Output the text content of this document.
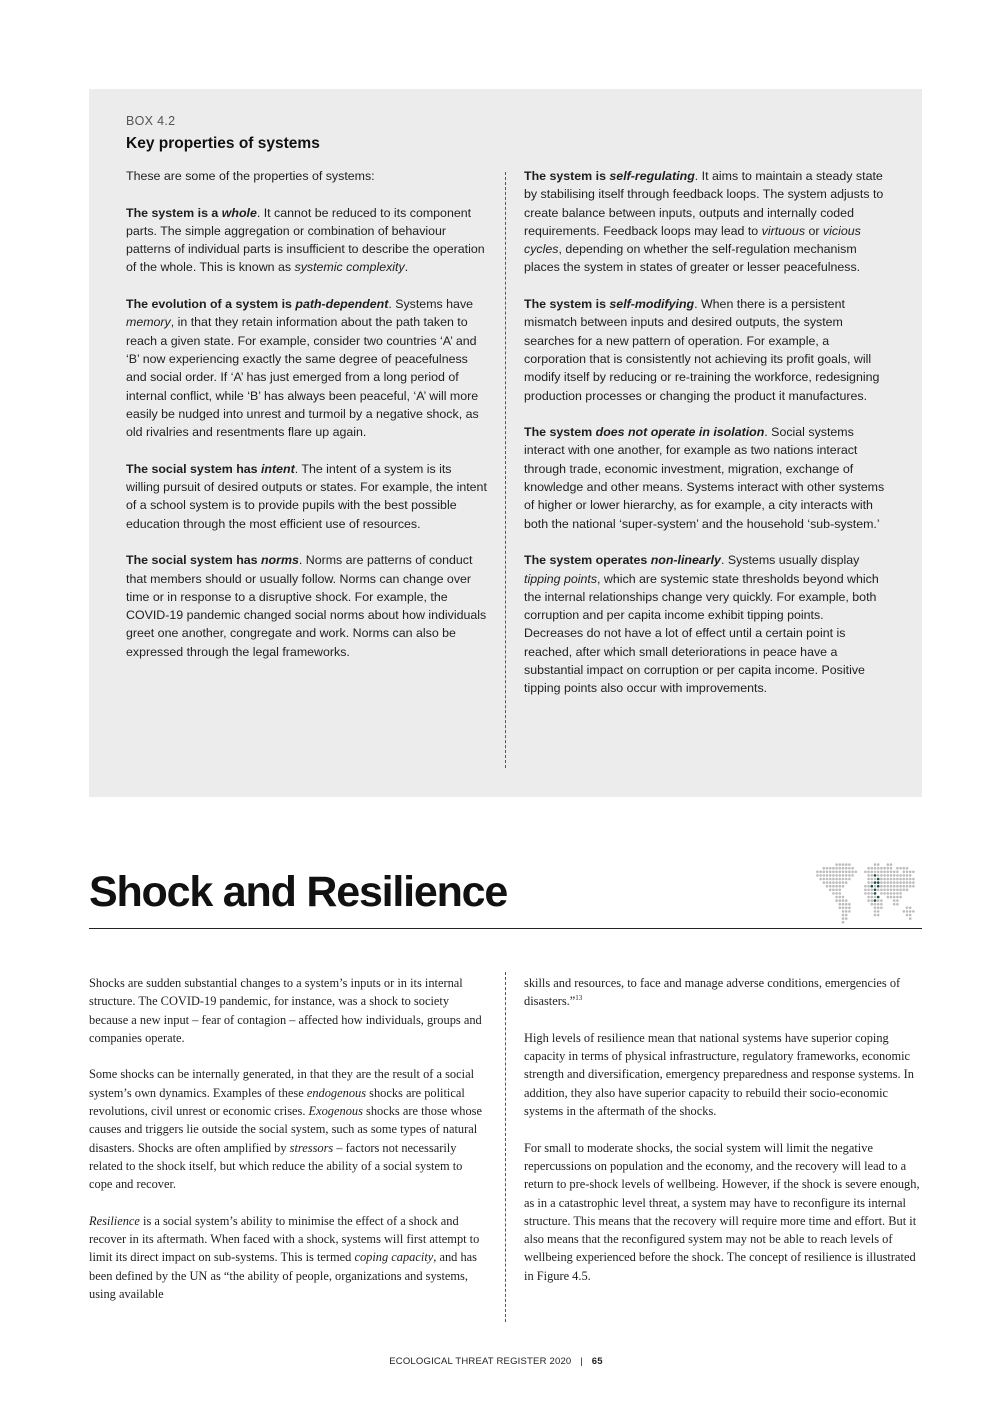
BOX 4.2
Key properties of systems

These are some of the properties of systems:

The system is a whole. It cannot be reduced to its component parts. The simple aggregation or combination of behaviour patterns of individual parts is insufficient to describe the operation of the whole. This is known as systemic complexity.

The evolution of a system is path-dependent. Systems have memory, in that they retain information about the path taken to reach a given state. For example, consider two countries ‘A’ and ‘B’ now experiencing exactly the same degree of peacefulness and social order. If ‘A’ has just emerged from a long period of internal conflict, while ‘B’ has always been peaceful, ‘A’ will more easily be nudged into unrest and turmoil by a negative shock, as old rivalries and resentments flare up again.

The social system has intent. The intent of a system is its willing pursuit of desired outputs or states. For example, the intent of a school system is to provide pupils with the best possible education through the most efficient use of resources.

The social system has norms. Norms are patterns of conduct that members should or usually follow. Norms can change over time or in response to a disruptive shock. For example, the COVID-19 pandemic changed social norms about how individuals greet one another, congregate and work. Norms can also be expressed through the legal frameworks.

The system is self-regulating. It aims to maintain a steady state by stabilising itself through feedback loops. The system adjusts to create balance between inputs, outputs and internally coded requirements. Feedback loops may lead to virtuous or vicious cycles, depending on whether the self-regulation mechanism places the system in states of greater or lesser peacefulness.

The system is self-modifying. When there is a persistent mismatch between inputs and desired outputs, the system searches for a new pattern of operation. For example, a corporation that is consistently not achieving its profit goals, will modify itself by reducing or re-training the workforce, redesigning production processes or changing the product it manufactures.

The system does not operate in isolation. Social systems interact with one another, for example as two nations interact through trade, economic investment, migration, exchange of knowledge and other means. Systems interact with other systems of higher or lower hierarchy, as for example, a city interacts with both the national ‘super-system’ and the household ‘sub-system.’

The system operates non-linearly. Systems usually display tipping points, which are systemic state thresholds beyond which the internal relationships change very quickly. For example, both corruption and per capita income exhibit tipping points. Decreases do not have a lot of effect until a certain point is reached, after which small deteriorations in peace have a substantial impact on corruption or per capita income. Positive tipping points also occur with improvements.

Shock and Resilience

Shocks are sudden substantial changes to a system’s inputs or in its internal structure. The COVID-19 pandemic, for instance, was a shock to society because a new input – fear of contagion – affected how individuals, groups and companies operate.

Some shocks can be internally generated, in that they are the result of a social system’s own dynamics. Examples of these endogenous shocks are political revolutions, civil unrest or economic crises. Exogenous shocks are those whose causes and triggers lie outside the social system, such as some types of natural disasters. Shocks are often amplified by stressors – factors not necessarily related to the shock itself, but which reduce the ability of a social system to cope and recover.

Resilience is a social system’s ability to minimise the effect of a shock and recover in its aftermath. When faced with a shock, systems will first attempt to limit its direct impact on sub-systems. This is termed coping capacity, and has been defined by the UN as “the ability of people, organizations and systems, using available

skills and resources, to face and manage adverse conditions, emergencies of disasters.”$^{13}$

High levels of resilience mean that national systems have superior coping capacity in terms of physical infrastructure, regulatory frameworks, economic strength and diversification, emergency preparedness and response systems. In addition, they also have superior capacity to rebuild their socio-economic systems in the aftermath of the shocks.

For small to moderate shocks, the social system will limit the negative repercussions on population and the economy, and the recovery will lead to a return to pre-shock levels of wellbeing. However, if the shock is severe enough, as in a catastrophic level threat, a system may have to reconfigure its internal structure. This means that the recovery will require more time and effort. But it also means that the reconfigured system may not be able to reach levels of wellbeing experienced before the shock. The concept of resilience is illustrated in Figure 4.5.

ECOLOGICAL THREAT REGISTER 2020 | 65
